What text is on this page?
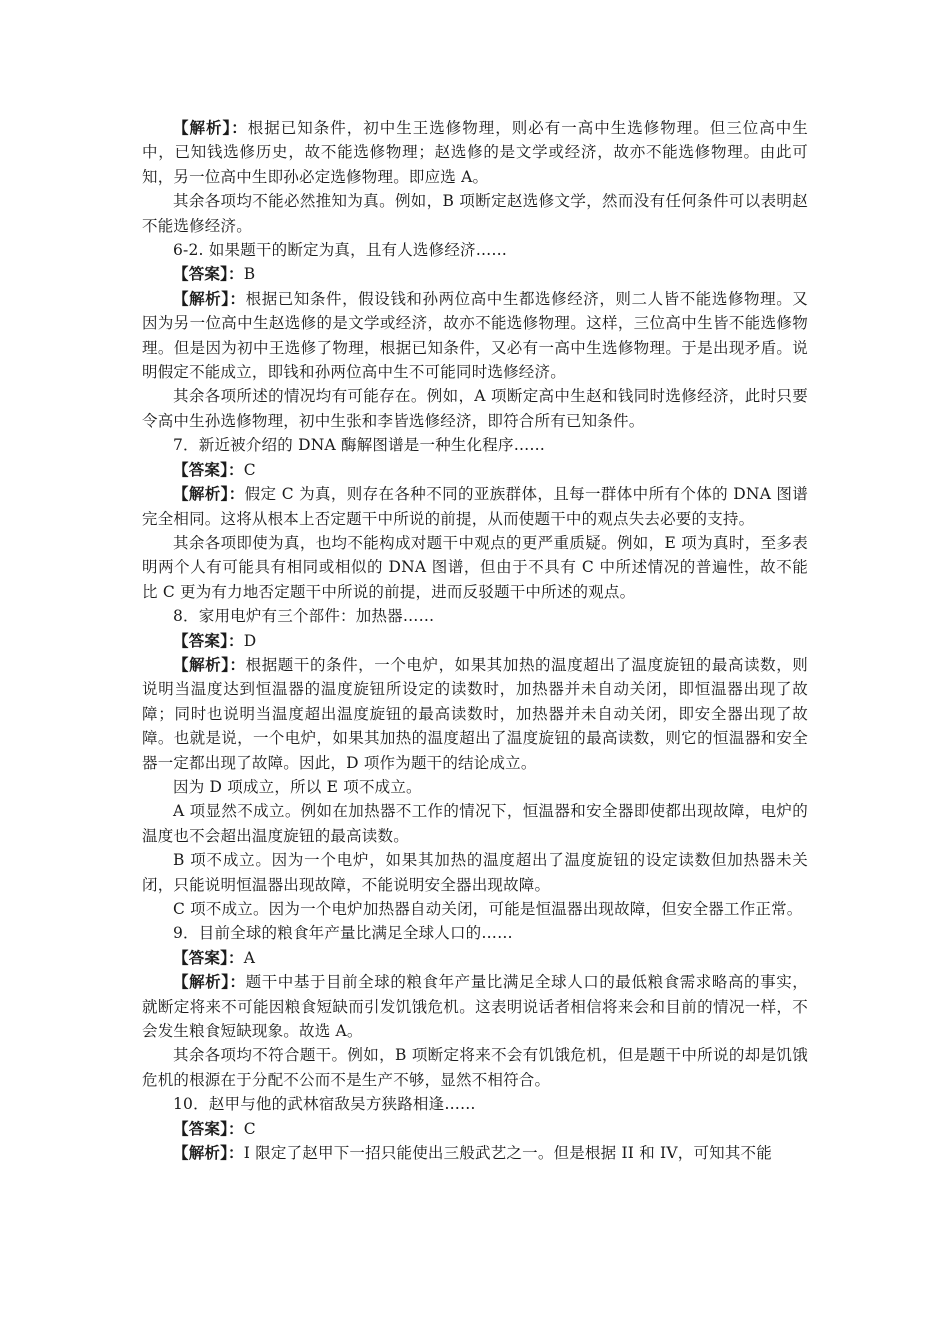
【解析】：根据已知条件，初中生王选修物理，则必有一高中生选修物理。但三位高中生中，已知钱选修历史，故不能选修物理；赵选修的是文学或经济，故亦不能选修物理。由此可知，另一位高中生即孙必定选修物理。即应选 A。

其余各项均不能必然推知为真。例如，B 项断定赵选修文学，然而没有任何条件可以表明赵不能选修经济。

6-2. 如果题干的断定为真，且有人选修经济……

【答案】：B

【解析】：根据已知条件，假设钱和孙两位高中生都选修经济，则二人皆不能选修物理。又因为另一位高中生赵选修的是文学或经济，故亦不能选修物理。这样，三位高中生皆不能选修物理。但是因为初中王选修了物理，根据已知条件，又必有一高中生选修物理。于是出现矛盾。说明假定不能成立，即钱和孙两位高中生不可能同时选修经济。

其余各项所述的情况均有可能存在。例如，A 项断定高中生赵和钱同时选修经济，此时只要令高中生孙选修物理，初中生张和李皆选修经济，即符合所有已知条件。

7．新近被介绍的 DNA 酶解图谱是一种生化程序……

【答案】：C

【解析】：假定 C 为真，则存在各种不同的亚族群体，且每一群体中所有个体的 DNA 图谱完全相同。这将从根本上否定题干中所说的前提，从而使题干中的观点失去必要的支持。

其余各项即使为真，也均不能构成对题干中观点的更严重质疑。例如，E 项为真时，至多表明两个人有可能具有相同或相似的 DNA 图谱，但由于不具有 C 中所述情况的普遍性，故不能比 C 更为有力地否定题干中所说的前提，进而反驳题干中所述的观点。

8．家用电炉有三个部件：加热器……

【答案】：D

【解析】：根据题干的条件，一个电炉，如果其加热的温度超出了温度旋钮的最高读数，则说明当温度达到恒温器的温度旋钮所设定的读数时，加热器并未自动关闭，即恒温器出现了故障；同时也说明当温度超出温度旋钮的最高读数时，加热器并未自动关闭，即安全器出现了故障。也就是说，一个电炉，如果其加热的温度超出了温度旋钮的最高读数，则它的恒温器和安全器一定都出现了故障。因此，D 项作为题干的结论成立。

因为 D 项成立，所以 E 项不成立。

A 项显然不成立。例如在加热器不工作的情况下，恒温器和安全器即使都出现故障，电炉的温度也不会超出温度旋钮的最高读数。

B 项不成立。因为一个电炉，如果其加热的温度超出了温度旋钮的设定读数但加热器未关闭，只能说明恒温器出现故障，不能说明安全器出现故障。

C 项不成立。因为一个电炉加热器自动关闭，可能是恒温器出现故障，但安全器工作正常。

9．目前全球的粮食年产量比满足全球人口的……

【答案】：A

【解析】：题干中基于目前全球的粮食年产量比满足全球人口的最低粮食需求略高的事实，就断定将来不可能因粮食短缺而引发饥饿危机。这表明说话者相信将来会和目前的情况一样，不会发生粮食短缺现象。故选 A。

其余各项均不符合题干。例如，B 项断定将来不会有饥饿危机，但是题干中所说的却是饥饿危机的根源在于分配不公而不是生产不够，显然不相符合。

10．赵甲与他的武林宿敌吴方狭路相逢……

【答案】：C

【解析】：I 限定了赵甲下一招只能使出三般武艺之一。但是根据 II 和 IV，可知其不能
